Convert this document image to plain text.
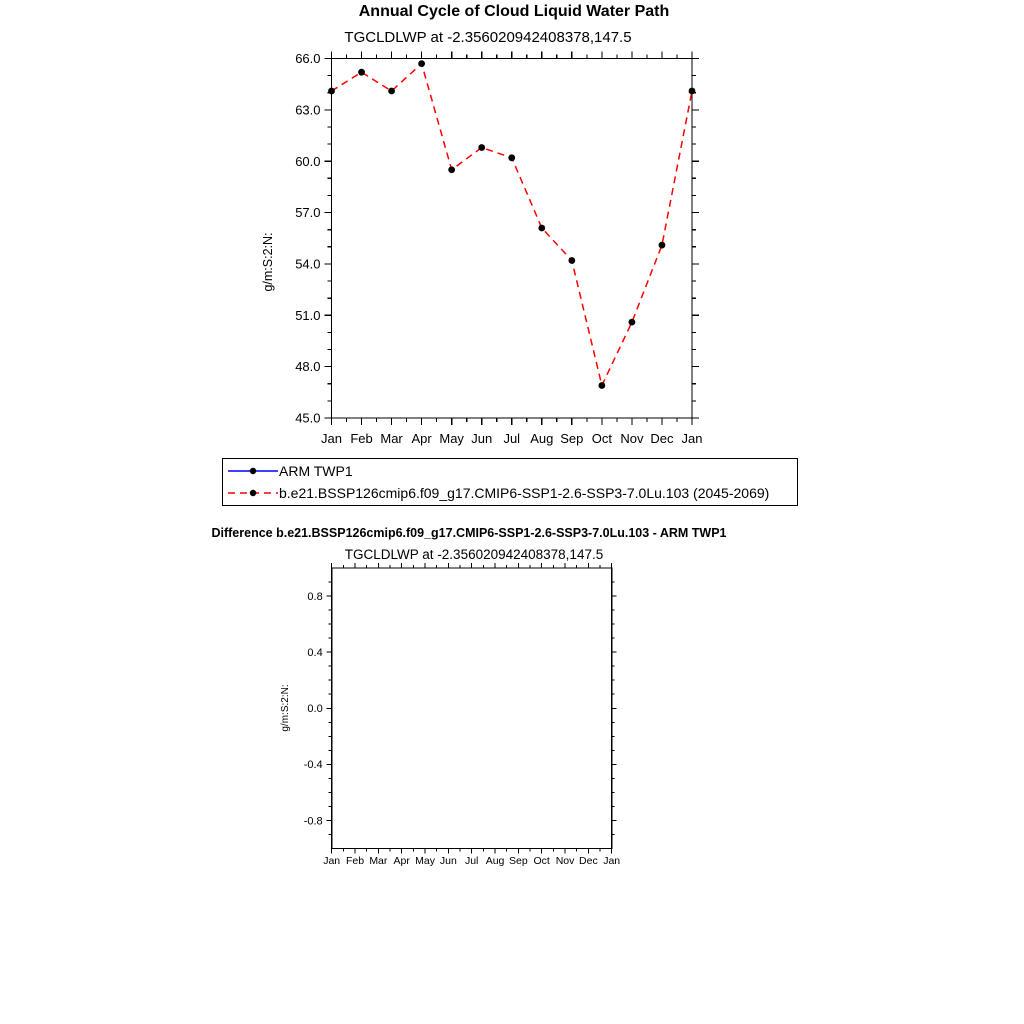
Annual Cycle of Cloud Liquid Water Path
TGCLDLWP at -2.356020942408378,147.5
Jan Feb Mar Apr May Jun Jul Aug Sep Oct Nov Dec Jan
45.0
48.0
51.0
54.0
57.0
60.0
63.0
66.0
g/m:S:2:N:
Jan Feb Mar Apr May Jun Jul Aug Sep Oct Nov Dec Jan
-0.8
-0.4
0.0
0.4
0.8
g/m:S:2:N:
ARM TWP1
b.e21.BSSP126cmip6.f09_g17.CMIP6-SSP1-2.6-SSP3-7.0Lu.103 (2045-2069)
Difference b.e21.BSSP126cmip6.f09_g17.CMIP6-SSP1-2.6-SSP3-7.0Lu.103 - ARM TWP1
TGCLDLWP at -2.356020942408378,147.5
